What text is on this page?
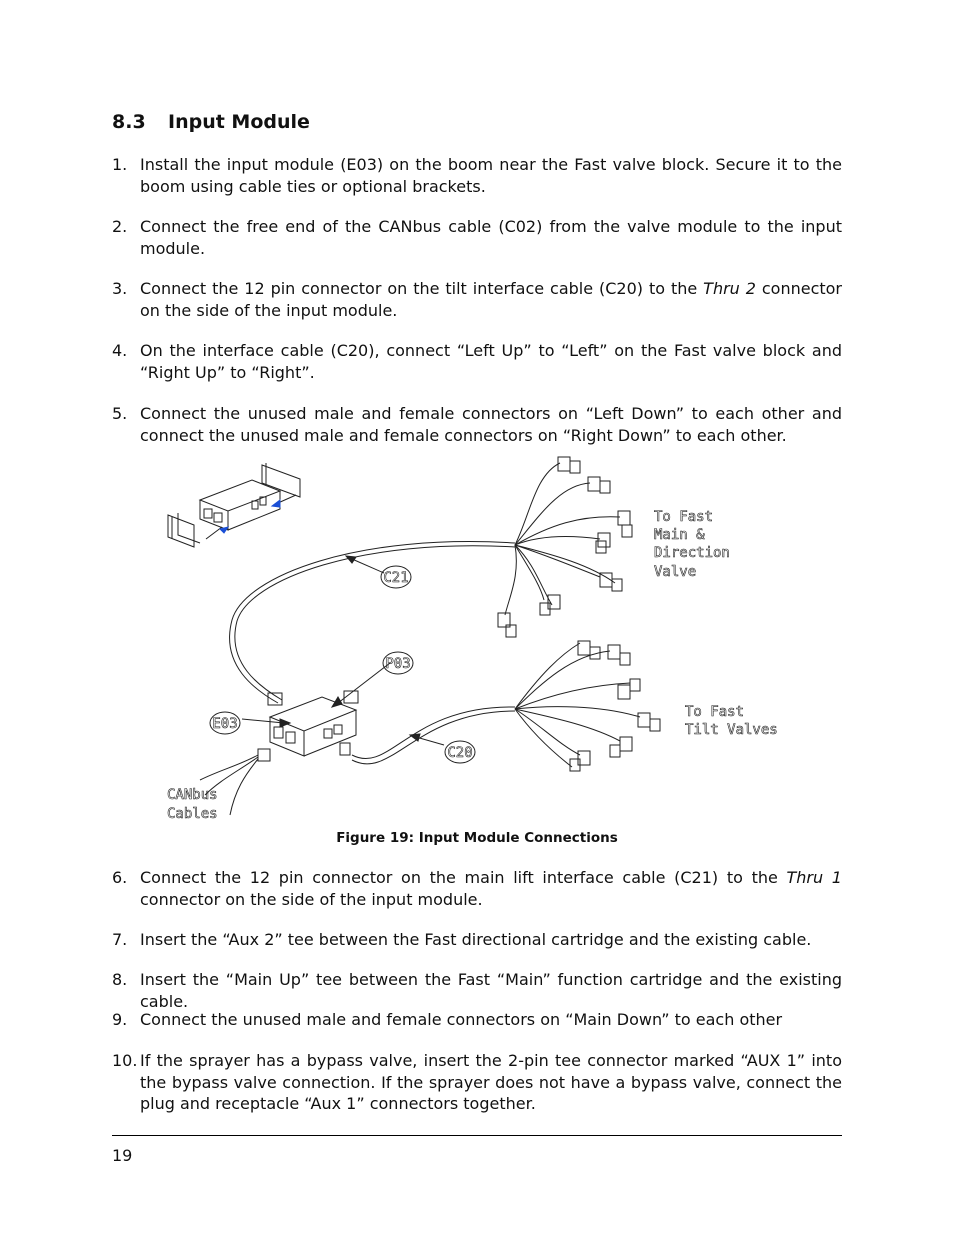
8.3 Input Module
1. Install the input module (E03) on the boom near the Fast valve block. Secure it to the boom using cable ties or optional brackets.
2. Connect the free end of the CANbus cable (C02) from the valve module to the input module.
3. Connect the 12 pin connector on the tilt interface cable (C20) to the Thru 2 connector on the side of the input module.
4. On the interface cable (C20), connect “Left Up” to “Left” on the Fast valve block and “Right Up” to “Right”.
5. Connect the unused male and female connectors on “Left Down” to each other and connect the unused male and female connectors on “Right Down” to each other.
C21
P03
E03
C20
To Fast
Main &
Direction
Valve
To Fast
Tilt Valves
CANbus
Cables
Figure 19: Input Module Connections
6. Connect the 12 pin connector on the main lift interface cable (C21) to the Thru 1 connector on the side of the input module.
7. Insert the “Aux 2” tee between the Fast directional cartridge and the existing cable.
8. Insert the “Main Up” tee between the Fast “Main” function cartridge and the existing cable.
9. Connect the unused male and female connectors on “Main Down” to each other
10. If the sprayer has a bypass valve, insert the 2-pin tee connector marked “AUX 1” into the bypass valve connection. If the sprayer does not have a bypass valve, connect the plug and receptacle “Aux 1” connectors together.
19
